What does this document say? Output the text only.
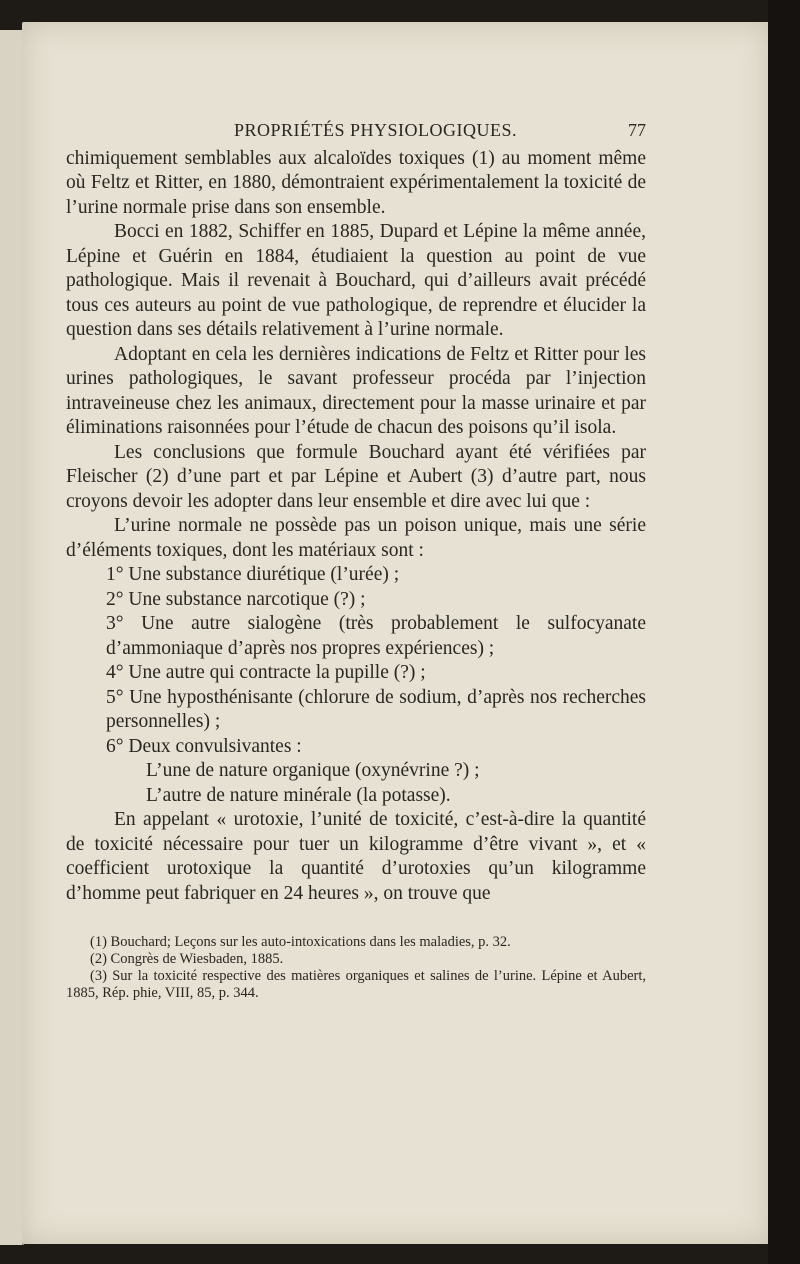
PROPRIÉTÉS PHYSIOLOGIQUES.	77

chimiquement semblables aux alcaloïdes toxiques (1) au moment même où Feltz et Ritter, en 1880, démontraient expérimentalement la toxicité de l’urine normale prise dans son ensemble.

Bocci en 1882, Schiffer en 1885, Dupard et Lépine la même année, Lépine et Guérin en 1884, étudiaient la question au point de vue pathologique. Mais il revenait à Bouchard, qui d’ailleurs avait précédé tous ces auteurs au point de vue pathologique, de reprendre et élucider la question dans ses détails relativement à l’urine normale.

Adoptant en cela les dernières indications de Feltz et Ritter pour les urines pathologiques, le savant professeur procéda par l’injection intraveineuse chez les animaux, directement pour la masse urinaire et par éliminations raisonnées pour l’étude de chacun des poisons qu’il isola.

Les conclusions que formule Bouchard ayant été vérifiées par Fleischer (2) d’une part et par Lépine et Aubert (3) d’autre part, nous croyons devoir les adopter dans leur ensemble et dire avec lui que :

L’urine normale ne possède pas un poison unique, mais une série d’éléments toxiques, dont les matériaux sont :

1° Une substance diurétique (l’urée) ;

2° Une substance narcotique (?) ;

3° Une autre sialogène (très probablement le sulfocyanate d’ammoniaque d’après nos propres expériences) ;

4° Une autre qui contracte la pupille (?) ;

5° Une hyposthénisante (chlorure de sodium, d’après nos recherches personnelles) ;

6° Deux convulsivantes :

L’une de nature organique (oxynévrine ?) ;

L’autre de nature minérale (la potasse).

En appelant « urotoxie, l’unité de toxicité, c’est-à-dire la quantité de toxicité nécessaire pour tuer un kilogramme d’être vivant », et « coefficient urotoxique la quantité d’urotoxies qu’un kilogramme d’homme peut fabriquer en 24 heures », on trouve que

(1) Bouchard; Leçons sur les auto-intoxications dans les maladies, p. 32.

(2) Congrès de Wiesbaden, 1885.

(3) Sur la toxicité respective des matières organiques et salines de l’urine. Lépine et Aubert, 1885, Rép. phie, VIII, 85, p. 344.
